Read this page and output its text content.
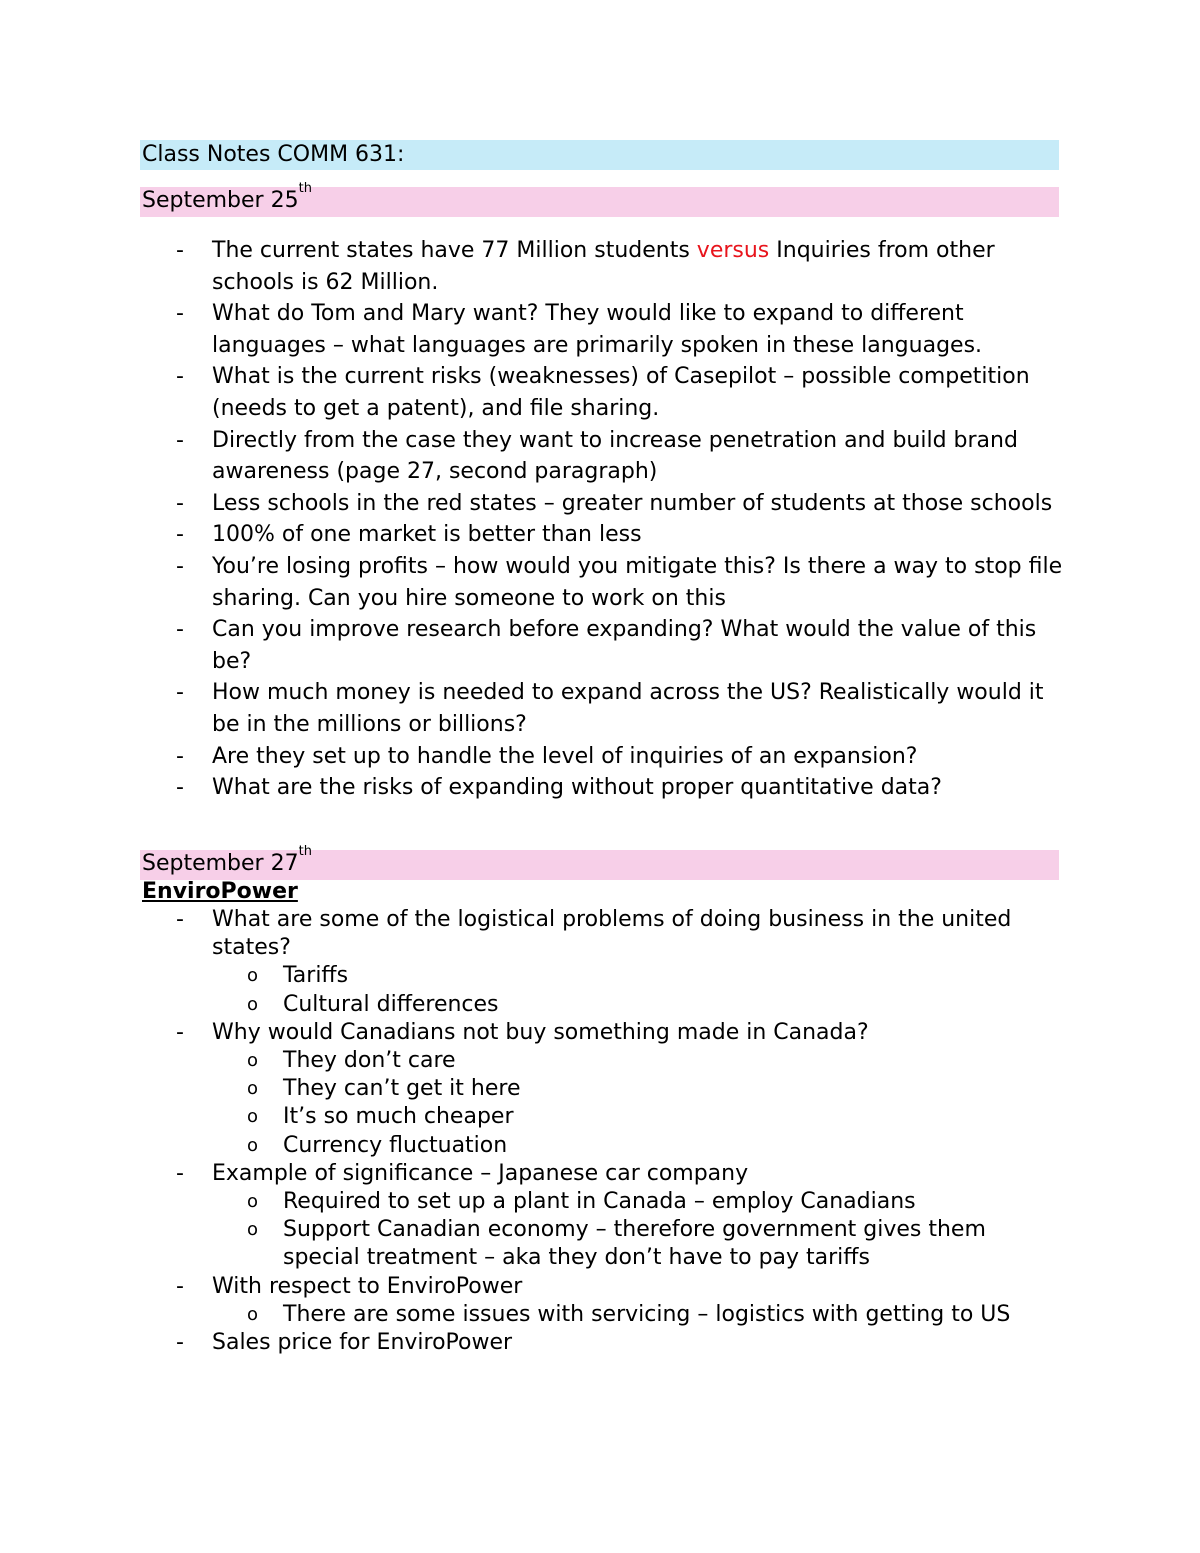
Class Notes COMM 631:
September 25th
- The current states have 77 Million students versus Inquiries from other schools is 62 Million.
- What do Tom and Mary want? They would like to expand to different languages – what languages are primarily spoken in these languages.
- What is the current risks (weaknesses) of Casepilot – possible competition (needs to get a patent), and file sharing.
- Directly from the case they want to increase penetration and build brand awareness (page 27, second paragraph)
- Less schools in the red states – greater number of students at those schools
- 100% of one market is better than less
- You’re losing profits – how would you mitigate this? Is there a way to stop file sharing. Can you hire someone to work on this
- Can you improve research before expanding? What would the value of this be?
- How much money is needed to expand across the US? Realistically would it be in the millions or billions?
- Are they set up to handle the level of inquiries of an expansion?
- What are the risks of expanding without proper quantitative data?
September 27th
EnviroPower
- What are some of the logistical problems of doing business in the united states?
o Tariffs
o Cultural differences
- Why would Canadians not buy something made in Canada?
o They don’t care
o They can’t get it here
o It’s so much cheaper
o Currency fluctuation
- Example of significance – Japanese car company
o Required to set up a plant in Canada – employ Canadians
o Support Canadian economy – therefore government gives them special treatment – aka they don’t have to pay tariffs
- With respect to EnviroPower
o There are some issues with servicing – logistics with getting to US
- Sales price for EnviroPower
